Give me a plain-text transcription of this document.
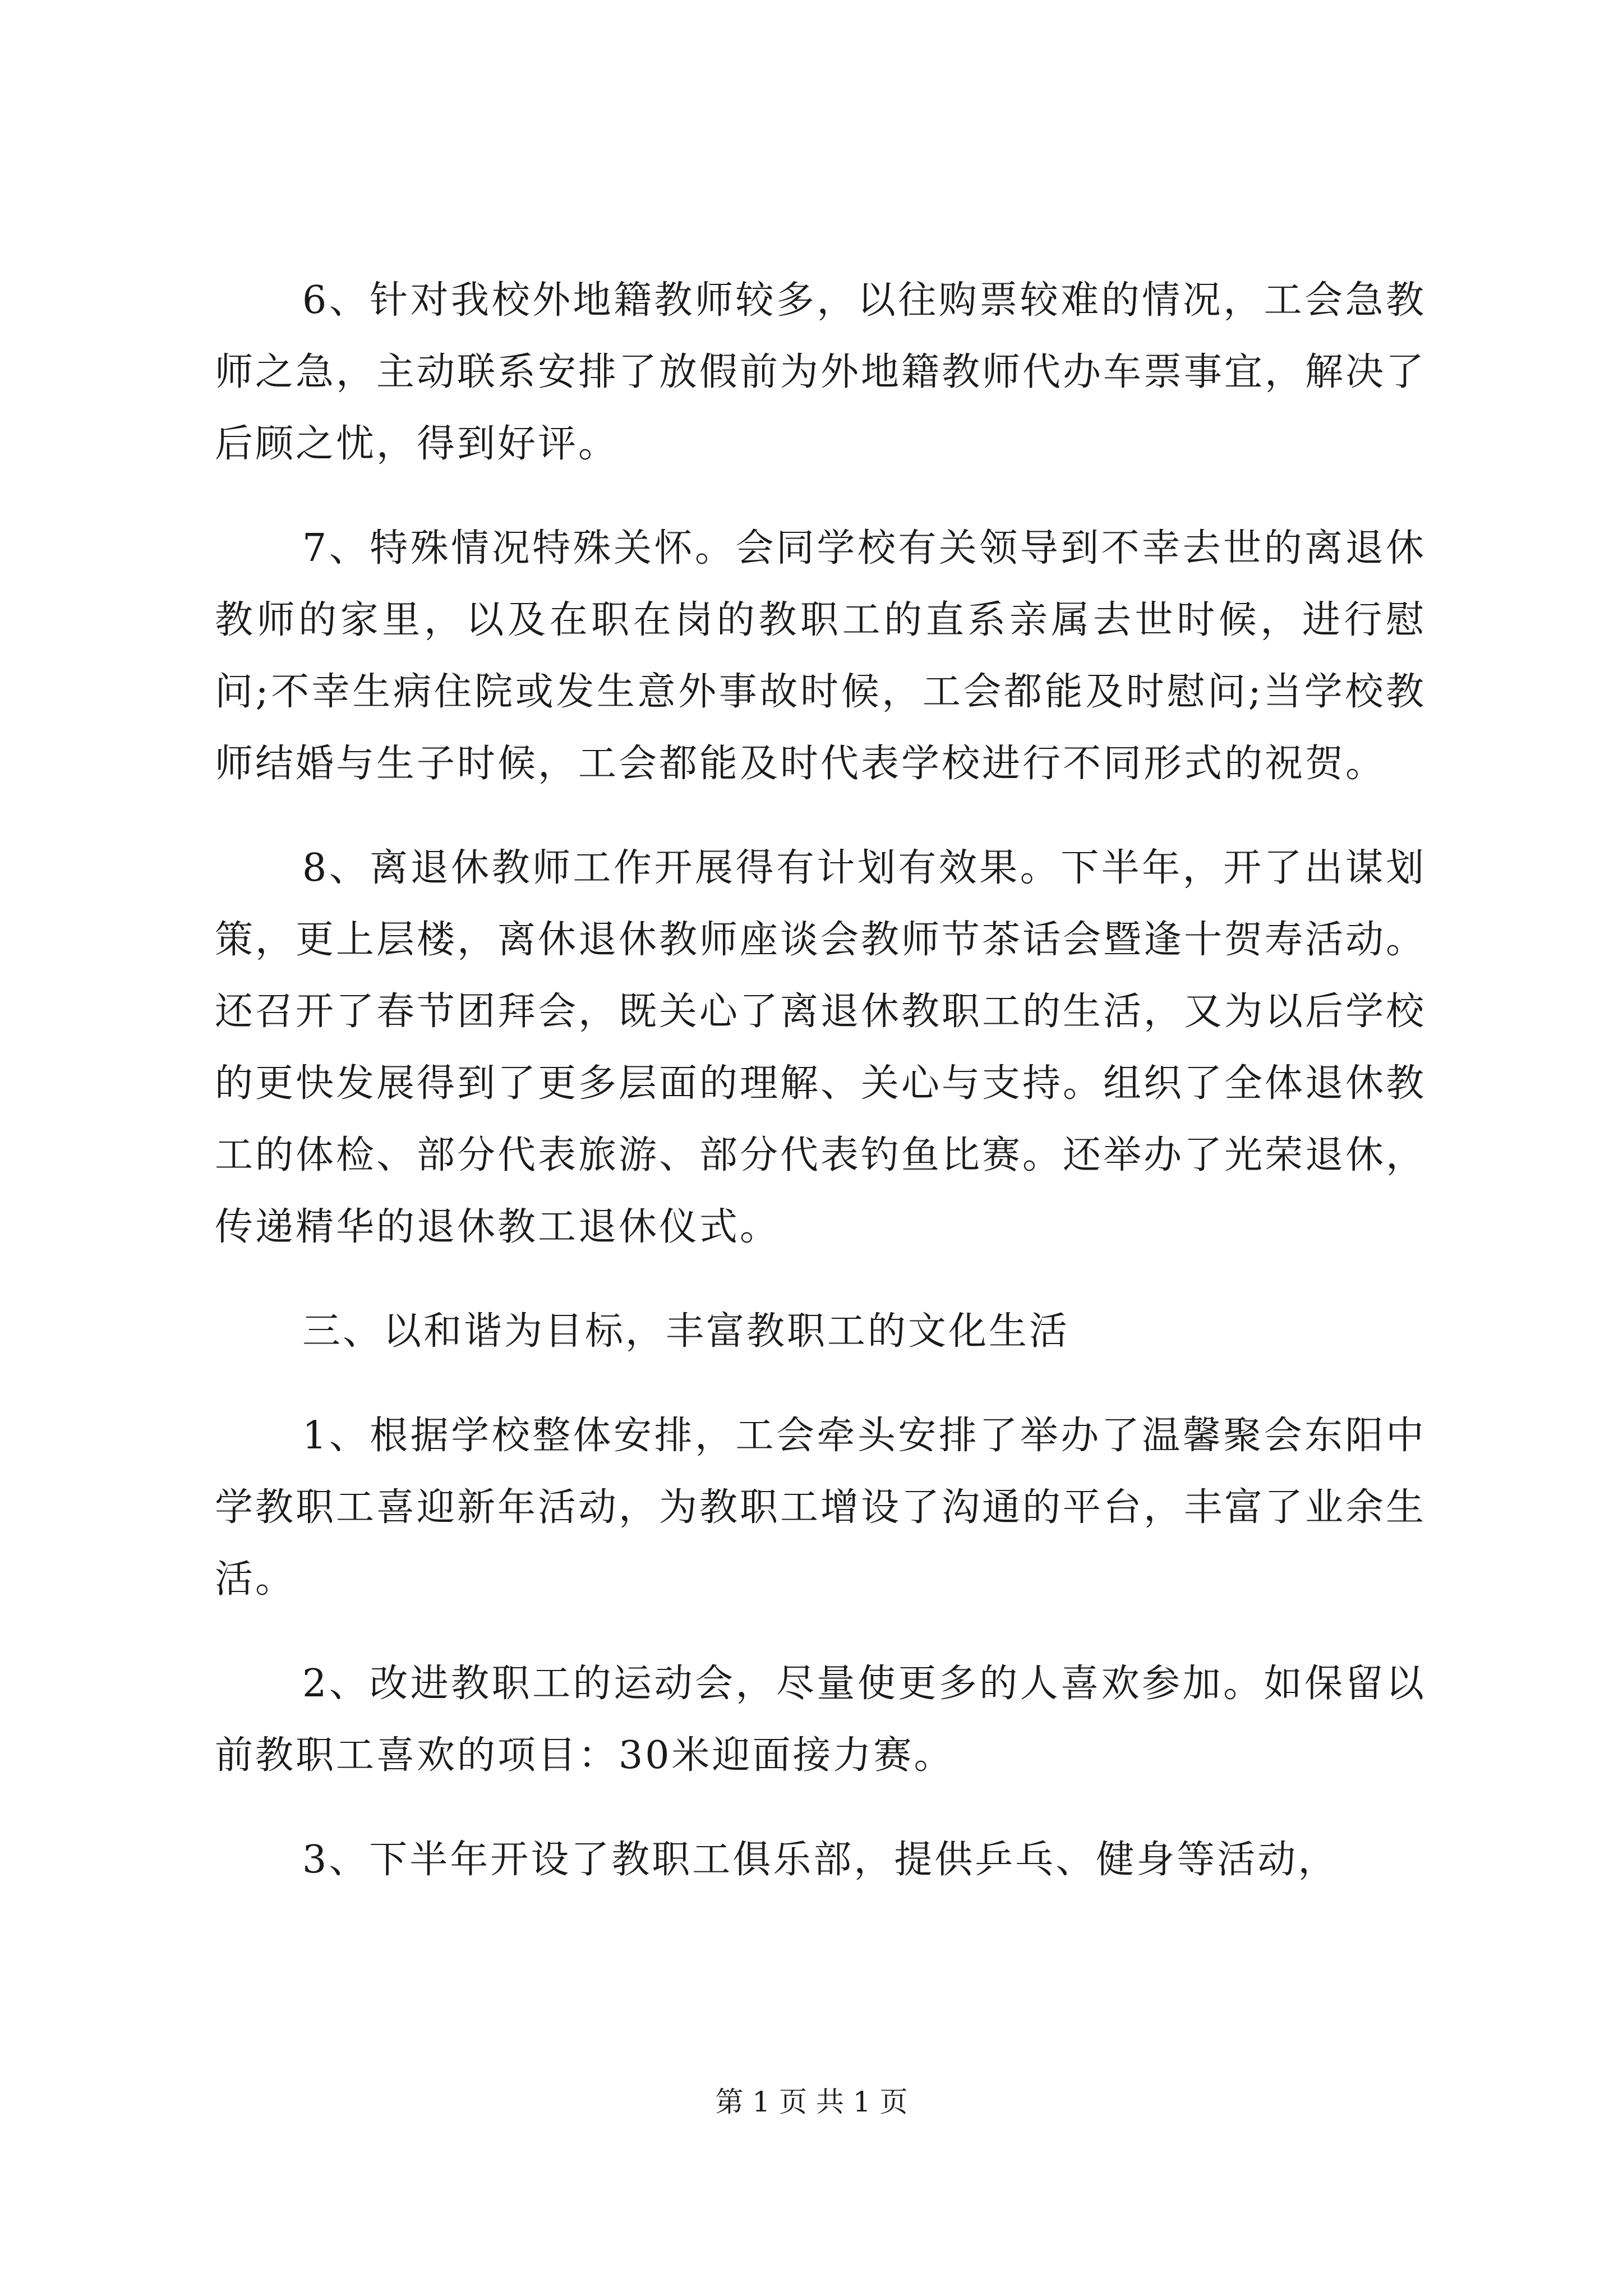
6、针对我校外地籍教师较多，以往购票较难的情况，工会急教师之急，主动联系安排了放假前为外地籍教师代办车票事宜，解决了后顾之忧，得到好评。

7、特殊情况特殊关怀。会同学校有关领导到不幸去世的离退休教师的家里，以及在职在岗的教职工的直系亲属去世时候，进行慰问;不幸生病住院或发生意外事故时候，工会都能及时慰问;当学校教师结婚与生子时候，工会都能及时代表学校进行不同形式的祝贺。

8、离退休教师工作开展得有计划有效果。下半年，开了出谋划策，更上层楼，离休退休教师座谈会教师节茶话会暨逢十贺寿活动。还召开了春节团拜会，既关心了离退休教职工的生活，又为以后学校的更快发展得到了更多层面的理解、关心与支持。组织了全体退休教工的体检、部分代表旅游、部分代表钓鱼比赛。还举办了光荣退休，传递精华的退休教工退休仪式。

三、以和谐为目标，丰富教职工的文化生活

1、根据学校整体安排，工会牵头安排了举办了温馨聚会东阳中学教职工喜迎新年活动，为教职工增设了沟通的平台，丰富了业余生活。

2、改进教职工的运动会，尽量使更多的人喜欢参加。如保留以前教职工喜欢的项目：30米迎面接力赛。

3、下半年开设了教职工俱乐部，提供乒乓、健身等活动，

第 1 页 共 1 页
